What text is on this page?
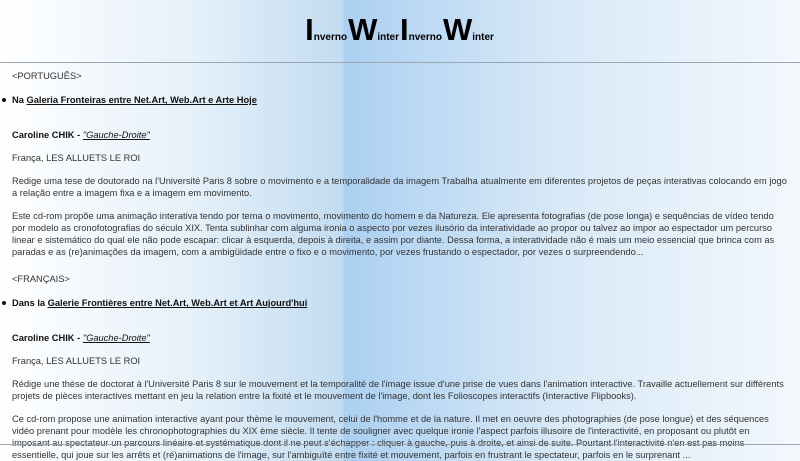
InvernoWinterInvernoWinter

<PORTUGUÊS>

Na Galeria Fronteiras entre Net.Art, Web.Art e Arte Hoje

Caroline CHIK - "Gauche-Droite"

França, LES ALLUETS LE ROI

Redige uma tese de doutorado na l'Université Paris 8 sobre o movimento e a temporalidade da imagem Trabalha atualmente em diferentes projetos de peças interativas colocando em jogo a relação entre a imagem fixa e a imagem em movimento.

Este cd-rom propõe uma animação interativa tendo por tema o movimento, movimento do homem e da Natureza. Ele apresenta fotografias (de pose longa) e sequências de vídeo tendo por modelo as cronofotografias do século XIX. Tenta sublinhar com alguma ironia o aspecto por vezes ilusório da interatividade ao propor ou talvez ao impor ao espectador um percurso linear e sistemático do qual ele não pode escapar: clicar à esquerda, depois à direita, e assim por diante. Dessa forma, a interatividade não é mais um meio essencial que brinca com as paradas e as (re)animações da imagem, com a ambigüidade entre o fixo e o movimento, por vezes frustando o espectador, por vezes o surpreendendo...

<FRANÇAIS>

Dans la Galerie Frontières entre Net.Art, Web.Art et Art Aujourd'hui

Caroline CHIK - "Gauche-Droite"

França, LES ALLUETS LE ROI

Rédige une thèse de doctorat à l'Université Paris 8 sur le mouvement et la temporalité de l'image issue d'une prise de vues dans l'animation interactive. Travaille actuellement sur différents projets de pièces interactives mettant en jeu la relation entre la fixité et le mouvement de l'image, dont les Folioscopes interactifs (Interactive Flipbooks).

Ce cd-rom propose une animation interactive ayant pour thème le mouvement, celui de l'homme et de la nature. Il met en oeuvre des photographies (de pose longue) et des séquences vidéo prenant pour modèle les chronophotographies du XIX ème siècle. Il tente de souligner avec quelque ironie l'aspect parfois illusoire de l'interactivité, en proposant ou plutôt en imposant au spectateur un parcours linéaire et systématique dont il ne peut s'échapper : cliquer à gauche, puis à droite, et ainsi de suite. Pourtant l'interactivité n'en est pas moins essentielle, qui joue sur les arrêts et (ré)animations de l'image, sur l'ambiguïté entre fixité et mouvement, parfois en frustrant le spectateur, parfois en le surprenant ...
